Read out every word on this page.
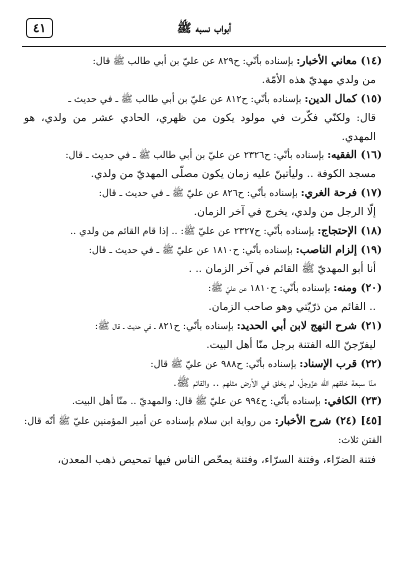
أبواب نسبه ﷺ
٤١

(١٤) معاني الأخبار: بإسناده بأنّي: ح٨٢٩ عن عليّ بن أبي طالب ﷺ قال:

من ولدي مهديّ هذه الأمّة.

(١٥) كمال الدين: بإسناده بأنّي: ح٨١٢ عن عليّ بن أبي طالب ﷺ ـ في حديث ـ

قال: ولكنّي فكّرت في مولود يكون من ظهري، الحادي عشر من ولدي، هو المهدي.

(١٦) الفقيه: بإسناده بأنّي: ح٢٣٢٦ عن عليّ بن أبي طالب ﷺ ـ في حديث ـ قال:

مسجد الكوفة .. وليأتينّ عليه زمان يكون مصلّى المهديّ من ولدي.

(١٧) فرحة الغري: بإسناده بأنّي: ح٨٢٦ عن عليّ ﷺ ـ في حديث ـ قال:

إلّا الرجل من ولدي، يخرج في آخر الزمان.

(١٨) الإحتجاج: بإسناده بأنّي: ح٢٣٢٧ عن عليّ ﷺ: .. إذا قام القائم من ولدي ..

(١٩) إلزام الناصب: بإسناده بأنّي: ح١٨١٠ عن عليّ ﷺ ـ في حديث ـ قال:

أنا أبو المهديّ ﷺ القائم في آخر الزمان .. .

(٢٠) ومنه: بإسناده بأنّي: ح١٨١٠ عن عليّ ﷺ:

.. القائم من ذرّيّتي وهو صاحب الزمان.

(٢١) شرح النهج لابن أبي الحديد: بإسناده بأنّي: ح٨٢١ ـ في حديث ـ قال ﷺ:

ليفرّجنّ الله الفتنة برجل منّا أهل البيت.

(٢٢) قرب الإسناد: بإسناده بأنّي: ح٩٨٨ عن عليّ ﷺ قال:

منّا سبعة خلقهم الله عزّوجلّ، لم يخلق في الأرض مثلهم .. والقائم ﷺ.

(٢٣) الكافي: بإسناده بأنّي: ح٩٩٤ عن عليّ ﷺ قال: والمهديّ .. منّا أهل البيت.

[٤٥] (٢٤) شرح الأخبار: من رواية ابن سلام بإسناده عن أمير المؤمنين عليّ ﷺ أنّه قال: الفتن ثلاث:

فتنة الضرّاء، وفتنة السرّاء، وفتنة يمحّص الناس فيها تمحيص ذهب المعدن،
